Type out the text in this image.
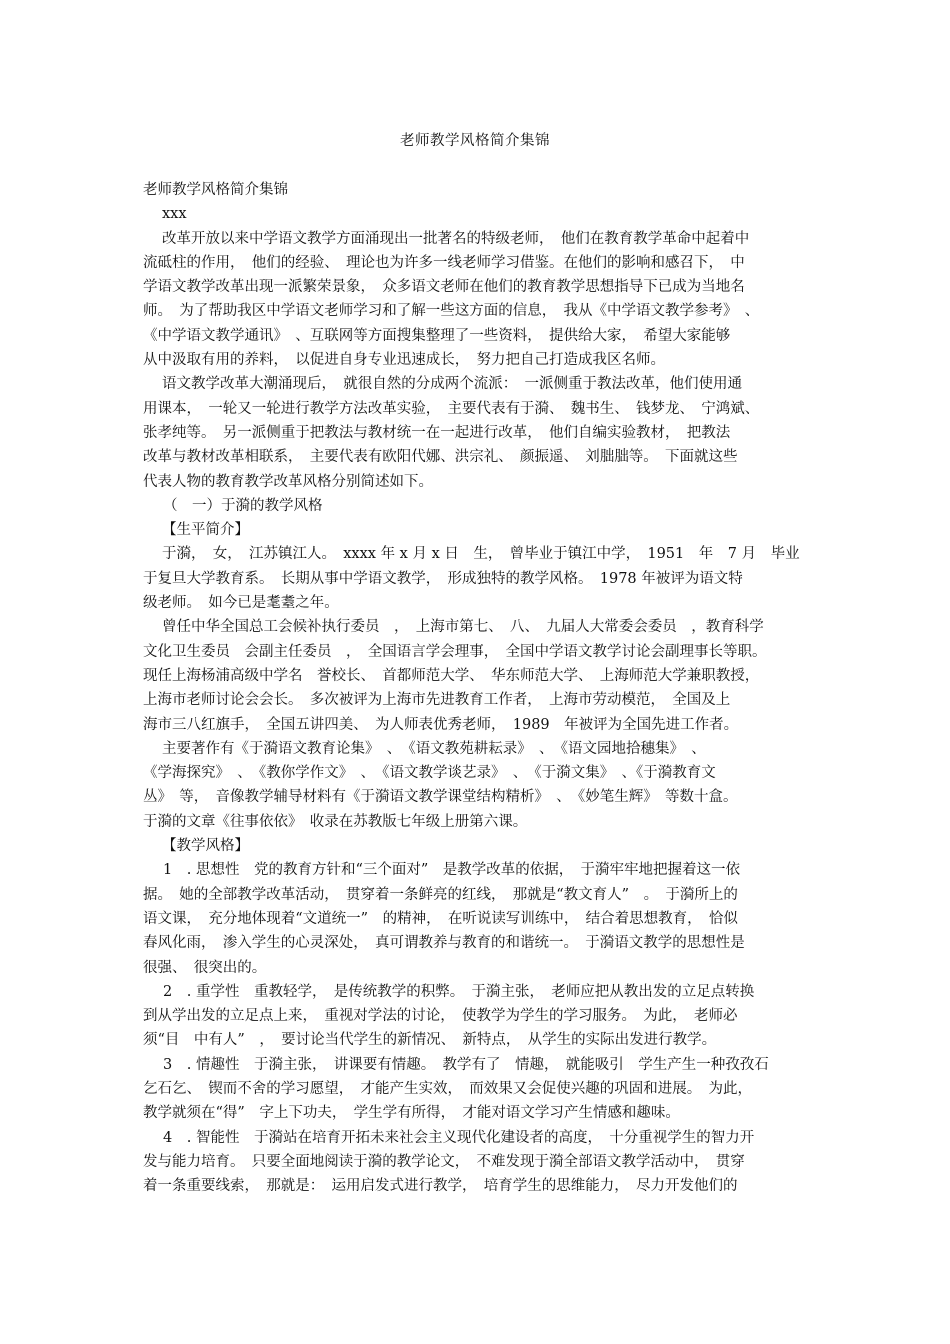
老师教学风格简介集锦

老师教学风格简介集锦

xxx

改革开放以来中学语文教学方面涌现出一批著名的特级老师，　他们在教育教学革命中起着中

流砥柱的作用，　他们的经验、　理论也为许多一线老师学习借鉴。在他们的影响和感召下，　中

学语文教学改革出现一派繁荣景象，　众多语文老师在他们的教育教学思想指导下已成为当地名

师。　为了帮助我区中学语文老师学习和了解一些这方面的信息，　我从《中学语文教学参考》　、

《中学语文教学通讯》　、互联网等方面搜集整理了一些资料，　提供给大家，　希望大家能够

从中汲取有用的养料，　以促进自身专业迅速成长，　努力把自己打造成我区名师。

语文教学改革大潮涌现后，　就很自然的分成两个流派：　一派侧重于教法改革，他们使用通

用课本，　一轮又一轮进行教学方法改革实验，　主要代表有于漪、　魏书生、　钱梦龙、　宁鸿斌、

张孝纯等。　另一派侧重于把教法与教材统一在一起进行改革，　他们自编实验教材，　把教法

改革与教材改革相联系，　主要代表有欧阳代娜、洪宗礼、　颜振遥、　刘朏朏等。　下面就这些

代表人物的教育教学改革风格分别简述如下。

（　一）于漪的教学风格

【生平简介】

于漪，　女，　江苏镇江人。　xxxx 年 x 月 x 日　生，　曾毕业于镇江中学，　1951　年　7 月　毕业

于复旦大学教育系。　长期从事中学语文教学，　形成独特的教学风格。　1978 年被评为语文特

级老师。　如今已是耄耋之年。

曾任中华全国总工会候补执行委员　，　上海市第七、　八、　九届人大常委会委员　，教育科学

文化卫生委员　会副主任委员　，　全国语言学会理事，　全国中学语文教学讨论会副理事长等职。

现任上海杨浦高级中学名　誉校长、　首都师范大学、　华东师范大学、　上海师范大学兼职教授，

上海市老师讨论会会长。　多次被评为上海市先进教育工作者，　上海市劳动模范，　全国及上

海市三八红旗手，　全国五讲四美、　为人师表优秀老师，　1989　年被评为全国先进工作者。

主要著作有《于漪语文教育论集》　、　《语文教苑耕耘录》　、　《语文园地拾穗集》　、

《学海探究》　、　《教你学作文》　、　《语文教学谈艺录》　、　《于漪文集》　、《于漪教育文

丛》　等，　音像教学辅导材料有《于漪语文教学课堂结构精析》　、　《妙笔生辉》　等数十盒。

于漪的文章《往事依依》　收录在苏教版七年级上册第六课。

【教学风格】

1　. 思想性　党的教育方针和“三个面对”　是教学改革的依据，　于漪牢牢地把握着这一依

据。　她的全部教学改革活动，　贯穿着一条鲜亮的红线，　那就是“教文育人”　。　于漪所上的

语文课，　充分地体现着“文道统一”　的精神，　在听说读写训练中，　结合着思想教育，　恰似

春风化雨，　渗入学生的心灵深处，　真可谓教养与教育的和谐统一。　于漪语文教学的思想性是

很强、　很突出的。

2　. 重学性　重教轻学，　是传统教学的积弊。　于漪主张，　老师应把从教出发的立足点转换

到从学出发的立足点上来，　重视对学法的讨论，　使教学为学生的学习服务。　为此，　老师必

须“目　中有人”　，　要讨论当代学生的新情况、　新特点，　从学生的实际出发进行教学。

3　. 情趣性　于漪主张，　讲课要有情趣。　教学有了　情趣，　就能吸引　学生产生一种孜孜石

乞石乞、　锲而不舍的学习愿望，　才能产生实效，　而效果又会促使兴趣的巩固和进展。　为此，

教学就须在“得”　字上下功夫，　学生学有所得，　才能对语文学习产生情感和趣味。

4　. 智能性　于漪站在培育开拓未来社会主义现代化建设者的高度，　十分重视学生的智力开

发与能力培育。　只要全面地阅读于漪的教学论文，　不难发现于漪全部语文教学活动中，　贯穿

着一条重要线索，　那就是：　运用启发式进行教学，　培育学生的思维能力，　尽力开发他们的
